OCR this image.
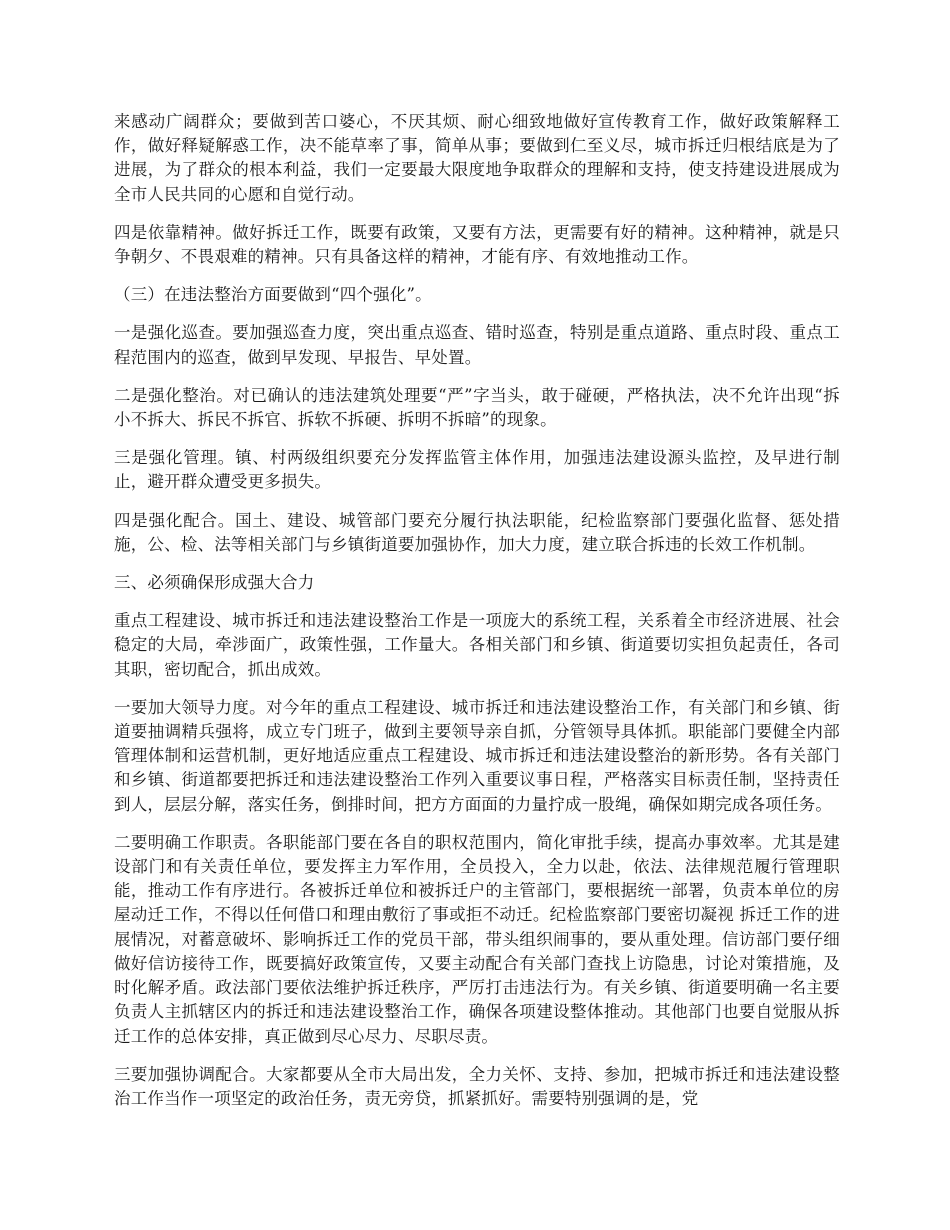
来感动广阔群众；要做到苦口婆心，不厌其烦、耐心细致地做好宣传教育工作，做好政策解释工作，做好释疑解惑工作，决不能草率了事，简单从事；要做到仁至义尽，城市拆迁归根结底是为了进展，为了群众的根本利益，我们一定要最大限度地争取群众的理解和支持，使支持建设进展成为全市人民共同的心愿和自觉行动。

四是依靠精神。做好拆迁工作，既要有政策，又要有方法，更需要有好的精神。这种精神，就是只争朝夕、不畏艰难的精神。只有具备这样的精神，才能有序、有效地推动工作。

（三）在违法整治方面要做到“四个强化”。

一是强化巡查。要加强巡查力度，突出重点巡查、错时巡查，特别是重点道路、重点时段、重点工程范围内的巡查，做到早发现、早报告、早处置。

二是强化整治。对已确认的违法建筑处理要“严”字当头，敢于碰硬，严格执法，决不允许出现“拆小不拆大、拆民不拆官、拆软不拆硬、拆明不拆暗”的现象。

三是强化管理。镇、村两级组织要充分发挥监管主体作用，加强违法建设源头监控，及早进行制止，避开群众遭受更多损失。

四是强化配合。国土、建设、城管部门要充分履行执法职能，纪检监察部门要强化监督、惩处措施，公、检、法等相关部门与乡镇街道要加强协作，加大力度，建立联合拆违的长效工作机制。

三、必须确保形成强大合力

重点工程建设、城市拆迁和违法建设整治工作是一项庞大的系统工程，关系着全市经济进展、社会稳定的大局，牵涉面广，政策性强，工作量大。各相关部门和乡镇、街道要切实担负起责任，各司其职，密切配合，抓出成效。

一要加大领导力度。对今年的重点工程建设、城市拆迁和违法建设整治工作，有关部门和乡镇、街道要抽调精兵强将，成立专门班子，做到主要领导亲自抓，分管领导具体抓。职能部门要健全内部管理体制和运营机制，更好地适应重点工程建设、城市拆迁和违法建设整治的新形势。各有关部门和乡镇、街道都要把拆迁和违法建设整治工作列入重要议事日程，严格落实目标责任制，坚持责任到人，层层分解，落实任务，倒排时间，把方方面面的力量拧成一股绳，确保如期完成各项任务。

二要明确工作职责。各职能部门要在各自的职权范围内，简化审批手续，提高办事效率。尤其是建设部门和有关责任单位，要发挥主力军作用，全员投入，全力以赴，依法、法律规范履行管理职能，推动工作有序进行。各被拆迁单位和被拆迁户的主管部门，要根据统一部署，负责本单位的房屋动迁工作，不得以任何借口和理由敷衍了事或拒不动迁。纪检监察部门要密切凝视 拆迁工作的进展情况，对蓄意破坏、影响拆迁工作的党员干部，带头组织闹事的，要从重处理。信访部门要仔细做好信访接待工作，既要搞好政策宣传，又要主动配合有关部门查找上访隐患，讨论对策措施，及时化解矛盾。政法部门要依法维护拆迁秩序，严厉打击违法行为。有关乡镇、街道要明确一名主要负责人主抓辖区内的拆迁和违法建设整治工作，确保各项建设整体推动。其他部门也要自觉服从拆迁工作的总体安排，真正做到尽心尽力、尽职尽责。

三要加强协调配合。大家都要从全市大局出发，全力关怀、支持、参加，把城市拆迁和违法建设整治工作当作一项坚定的政治任务，责无旁贷，抓紧抓好。需要特别强调的是，党
